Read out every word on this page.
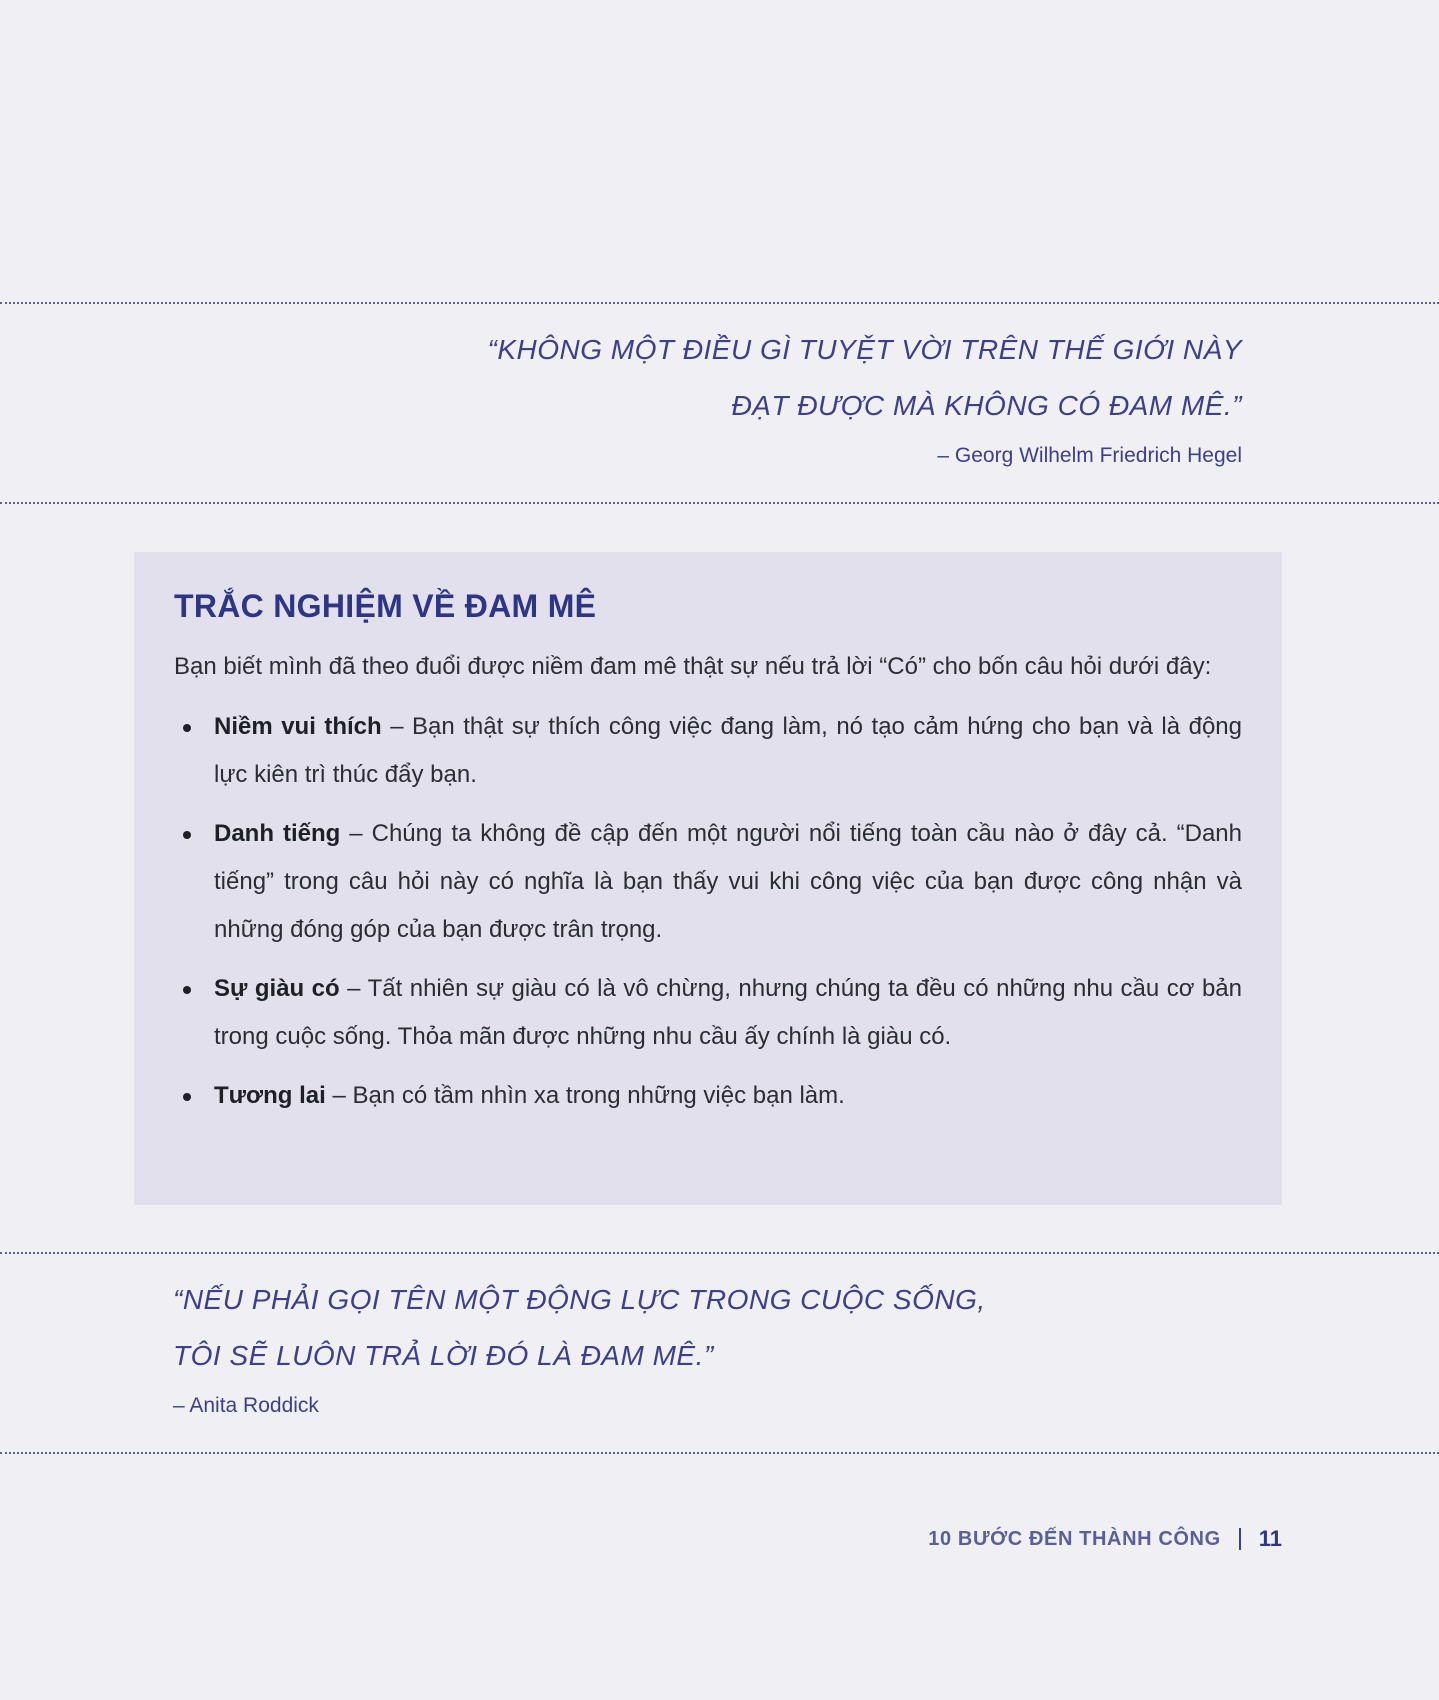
“KHÔNG MỘT ĐIỀU GÌ TUYỆT VỜI TRÊN THẾ GIỚI NÀY
ĐẠT ĐƯỢC MÀ KHÔNG CÓ ĐAM MÊ.”
– Georg Wilhelm Friedrich Hegel
TRẮC NGHIỆM VỀ ĐAM MÊ

Bạn biết mình đã theo đuổi được niềm đam mê thật sự nếu trả lời “Có” cho bốn câu hỏi dưới đây:

Niềm vui thích – Bạn thật sự thích công việc đang làm, nó tạo cảm hứng cho bạn và là động lực kiên trì thúc đẩy bạn.
Danh tiếng – Chúng ta không đề cập đến một người nổi tiếng toàn cầu nào ở đây cả. “Danh tiếng” trong câu hỏi này có nghĩa là bạn thấy vui khi công việc của bạn được công nhận và những đóng góp của bạn được trân trọng.
Sự giàu có – Tất nhiên sự giàu có là vô chừng, nhưng chúng ta đều có những nhu cầu cơ bản trong cuộc sống. Thỏa mãn được những nhu cầu ấy chính là giàu có.
Tương lai – Bạn có tầm nhìn xa trong những việc bạn làm.
“NẾU PHẢI GỌI TÊN MỘT ĐỘNG LỰC TRONG CUỘC SỐNG,
TÔI SẼ LUÔN TRẢ LỜI ĐÓ LÀ ĐAM MÊ.”
– Anita Roddick
10 BƯỚC ĐẾN THÀNH CÔNG 11
